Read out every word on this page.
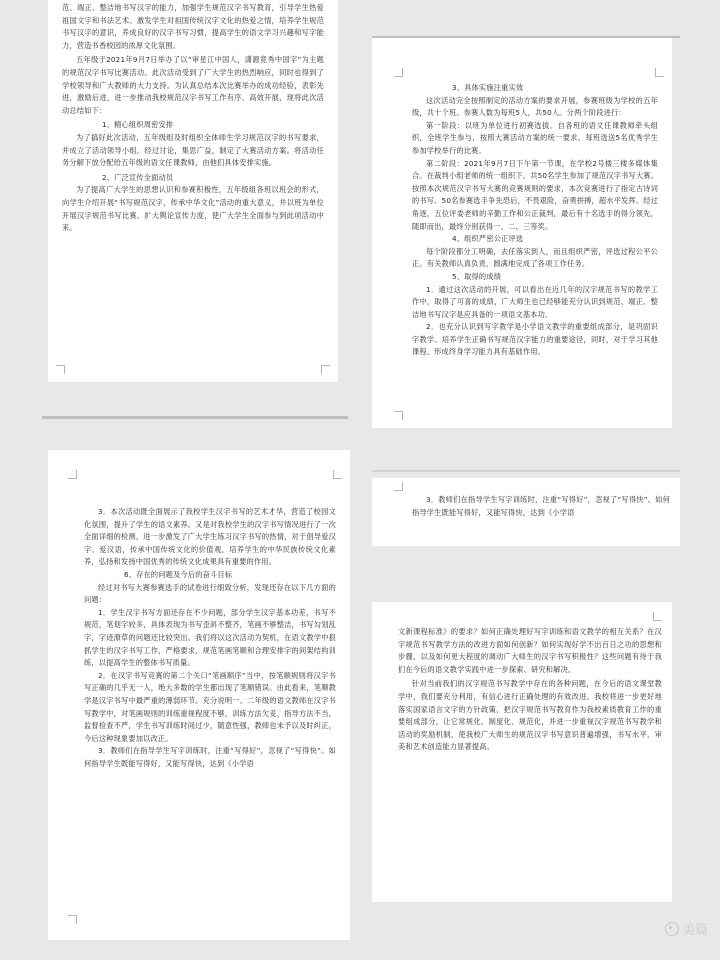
范、端正、整洁地书写汉字的能力，加强学生规范汉字书写教育，引导学生热爱祖国文字和书法艺术。激发学生对祖国传统汉字文化的热爱之情，培养学生规范书写汉字的意识，养成良好的汉字书写习惯，提高学生的语文学习兴趣和写字能力，营造书香校园的浓厚文化氛围。

五年级于2021年9月7日举办了以“审星江中国人，潇源竟秀中国字”为主题的规范汉字书写比赛活动。此次活动受到了广大学生的热烈响应，同时也得到了学校领导和广大教师的大力支持。为认真总结本次比赛举办的成功经验，表彰先进，激励后进，进一步推动我校规范汉字书写工作有序、高效开展，现将此次活动总结如下：

1、精心组织周密安排

为了搞好此次活动，五年级组及时组织全体师生学习规范汉字的书写要求，并成立了活动领导小组。经过讨论，集思广益，制定了大赛活动方案。将活动任务分解下放分配给五年级的语文任课教师，由他们具体安排实施。

2、广泛宣传全面动员

为了提高广大学生的思想认识和参赛积极性，五年级组各班以班会的形式，向学生介绍开展“书写规范汉字，传承中华文化”活动的重大意义，并以班为单位开展汉字规范书写比赛。扩大舆论宣传力度，使广大学生全面参与到此项活动中来。

3、具体实施注重实效

这次活动完全按照制定的活动方案的要求开展，参赛班级为学校的五年级，共十个班。参赛人数为每班5人，共50人。分两个阶段进行：

第一阶段：以班为单位进行初赛选拔。自各班的语文任课教师牵头组织，全班学生参与，按照大赛活动方案的统一要求，每班选送5名优秀学生参加学校举行的比赛。

第二阶段：2021年9月7日下午第一节课，在学校2号楼三楼多媒体集合。在裁判小组老师的统一组织下，共50名学生参加了规范汉字书写大赛。按照本次规范汉字书写大赛的竞赛规则的要求，本次竞赛进行了指定古诗词的书写。50名参赛选手争先恐后，不畏艰险，奋勇拼搏，超水平发挥。经过角逐，五位评委老师的辛勤工作和公正裁判，最后有十名选手的得分领先，随即而出，最终分别获得一、二、三等奖。

4、组织严密公正评选

每个阶段都分工明确，去任落实到人，而且组织严密，评选过程公平公正。有关教师认真负责，圆满地完成了各项工作任务。

5、取得的成绩

1．通过这次活动的开展，可以看出在近几年的汉字规范书写的教学工作中，取得了可喜的成绩，广大师生也已经够能充分认识到规范、端正、整洁地书写汉字是应具备的一项语文基本功。

2．也充分认识到写字教学是小学语文教学的重要组成部分，是巩固识字教学、培养学生正确书写规范汉字能力的重要途径，同时，对于学习其他课程、形成终身学习能力具有基础作用。

3．本次活动既全面展示了我校学生汉字书写的艺术才华，营造了校园文化氛围，提升了学生的语文素养。又是对我校学生的汉字书写情况进行了一次全面详细的检测，进一步激发了广大学生练习汉字书写的热情，对于倡导爱汉字、爱汉语，传承中国传统文化的价值观，培养学生的中华民族传统文化素养，弘扬和发扬中国优秀的传统文化成果具有重要的作用。

6、存在的问题及今后的奋斗目标

经过对书写大赛参赛选手的试卷进行细致分析，发现还存在以下几方面的问题：

1．学生汉字书写方面还存在不少问题，部分学生汉字基本功差，书写不规范，笔划字较多，具体表现为书写歪斜不整齐，笔画不够整洁，书写勾划乱字，字迹潦草的问题还比较突出。我们将以这次活动为契机，在语文教学中狠抓学生的汉字书写工作，严格要求，规范笔画笔顺和合理安排字的间架结构训练，以提高学生的整体书写质量。

2．在汉字书写竞赛的第二个关口“笔画顺序”当中，按笔顺规则将汉字书写正确的几乎无一人，绝大多数的学生都出现了笔顺错误。由此看来，笔顺教学是汉字书写中最严重的薄弱环节。充分说明一、二年级的语文教师在汉字书写教学中，对笔画规则的训练重视程度不够，训练方法欠妥，指导方法不当，监督检查不严，学生书写训练时间过少，随意性强，教师也未予以及时纠正，今后这种现象要加以改正。

3．教师们在指导学生写字训练时，注重“写得好”，忽视了“写得快”。如何指导学生既能写得好，又能写得快，达到《小学语

3．教师们在指导学生写字训练时，注重“写得好”，忽视了“写得快”。如何指导学生既能写得好，又能写得快，达到《小学语

文新课程标准》的要求？如何正确处理好写字训练和语文教学的相互关系？在汉字规范书写教学方法的改进方面如何创新？如何实现好学不出百日之功的思想和步骤，以及如何更大程度的调动广大师生的汉字书写积极性？这些问题有待于我们在今后的语文教学实践中进一步探索、研究和解决。

针对当前我们的汉字规范书写教学中存在的各种问题，在今后的语文课堂教学中，我们要充分利用，有信心进行正确处理的有效改进。我校将进一步更好地落实国家语言文字的方针政策，把汉字规范书写教育作为我校素质教育工作的重要组成部分，让它常规化、制度化、规范化，并进一步重视汉字规范书写教学和活动的奖励机制，使我校广大师生的规范汉字书写意识普遍增强，书写水平、审美和艺术创造能力显著提高。

美篇
